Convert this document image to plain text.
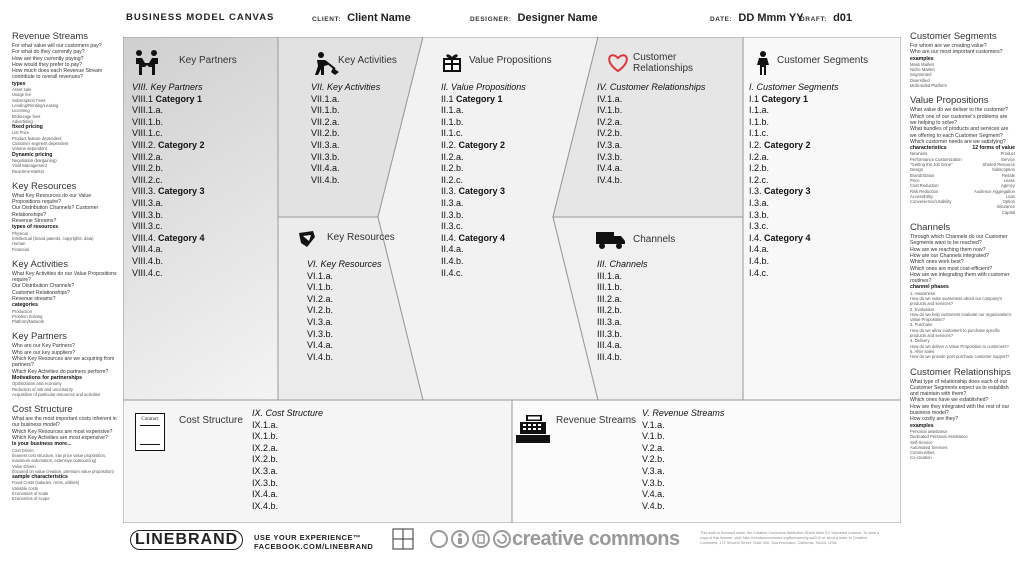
BUSINESS MODEL CANVAS	CLIENT: Client Name	DESIGNER: Designer Name	DATE: DD Mmm YY
DRAFT: d01
Revenue Streams
For what value will our customers pay?
For what do they currently pay?
How are they currently paying?
How would they prefer to pay?
How much does each Revenue Stream contribute to overall revenues?
types
Asset sale
Usage fee
Subscription Fees
Lending/Renting/Leasing
Licensing
Brokerage fees
Advertising
fixed pricing
List Price
Product feature dependent
Customer segment dependent
Volume dependent
Dynamic pricing
Negotiation (bargaining)
Yield Management
Real-time-Market
Key Resources
What Key Resources do our Value Propositions require?
Our Distribution Channels? Customer Relationships?
Revenue Streams?
types of resources
Physical
Intellectual (brand patents, copyrights, data)
Human
Financial
Key Activities
What Key Activities do our Value Propositions require?
Our Distribution Channels?
Customer Relationships?
Revenue streams?
categories
Production
Problem Solving
Platform/Network
Key Partners
Who are our Key Partners?
Who are our key suppliers?
Which Key Resources are we acquiring from partners?
Which Key Activities do partners perform?
Motivations for partnerships
Optimization and economy
Reduction of risk and uncertainty
Acquisition of particular resources and activities
Cost Structure
What are the most important costs inherent in our business model?
Which Key Resources are most expensive?
Which Key Activities are most expensive?
Is your business more...
Cost Driven
(leanest cost structure, low price value proposition, maximum automation, extensive outsourcing)
Value Driven
(focused on value creation, premium value proposition)
sample characteristics
Fixed Costs (salaries, rents, utilities)
Variable costs
Economies of scale
Economies of scope
Customer Segments
For whom are we creating value?
Who are our most important customers?
examples
Mass Market
Niche Market
Segmented
Diversified
Multi-sided Platform
Value Propositions
What value do we deliver to the customer?
Which one of our customer's problems are we helping to solve?
What bundles of products and services are we offering to each Customer Segment?
Which customer needs are we satisfying?
characteristics	12 forms of value
Newness
Performance Customization
"Getting the Job Done"
Design
Brand/Status
Price
Cost Reduction
Risk Reduction
Accessibility
Convenience/Usability
Product
Service
Shared Resource
Subscription
Resale
Lease
Agency
Audience Aggregation
Loan
Option
Insurance
Capital
Channels
Through which Channels do our Customer Segments want to be reached?
How are we reaching them now?
How are our Channels integrated?
Which ones work best?
Which ones are most cost-efficient?
How are we integrating them with customer routines?
channel phases
1. Awareness
How do we raise awareness about our company's products and services?
2. Evaluation
How do we help customers evaluate our organization's Value Proposition?
3. Purchase
How do we allow customers to purchase specific products and services?
4. Delivery
How do we deliver a Value Proposition to customers?
5. After sales
How do we provide post-purchase customer support?
Customer Relationships
What type of relationship does each of our Customer Segments expect us to establish and maintain with them?
Which ones have we established?
How are they integrated with the rest of our business model?
How costly are they?
examples
Personal assistance
Dedicated Personal Assistance
Self-Service
Automated Services
Communities
Co-creation
Key Partners
VIII. Key Partners
VIII.1 Category 1
VIII.1.a.
VIII.1.b.
VIII.1.c.
VIII.2. Category 2
VIII.2.a.
VIII.2.b.
VIII.2.c.
VIII.3. Category 3
VIII.3.a.
VIII.3.b.
VIII.3.c.
VIII.4. Category 4
VIII.4.a.
VIII.4.b.
VIII.4.c.
Key Activities
VII. Key Activities
VII.1.a.
VII.1.b.
VII.2.a.
VII.2.b.
VII.3.a.
VII.3.b.
VII.4.a.
VII.4.b.
Key Resources
VI. Key Resources
VI.1.a.
VI.1.b.
VI.2.a.
VI.2.b.
VI.3.a.
VI.3.b.
VI.4.a.
VI.4.b.
Value Propositions
II. Value Propositions
II.1 Category 1
II.1.a.
II.1.b.
II.1.c.
II.2. Category 2
II.2.a.
II.2.b.
II.2.c.
II.3. Category 3
II.3.a.
II.3.b.
II.3.c.
II.4. Category 4
II.4.a.
II.4.b.
II.4.c.
Customer Relationships
IV. Customer Relationships
IV.1.a.
IV.1.b.
IV.2.a.
IV.2.b.
IV.3.a.
IV.3.b.
IV.4.a.
IV.4.b.
Channels
III. Channels
III.1.a.
III.1.b.
III.2.a.
III.2.b.
III.3.a.
III.3.b.
III.4.a.
III.4.b.
Customer Segments
I. Customer Segments
I.1 Category 1
I.1.a.
I.1.b.
I.1.c.
I.2. Category 2
I.2.a.
I.2.b.
I.2.c.
I.3. Category 3
I.3.a.
I.3.b.
I.3.c.
I.4. Category 4
I.4.a.
I.4.b.
I.4.c.
Contract	Cost Structure
IX. Cost Structure
IX.1.a.
IX.1.b.
IX.2.a.
IX.2.b.
IX.3.a.
IX.3.b.
IX.4.a.
IX.4.b.
Revenue Streams
V. Revenue Streams
V.1.a.
V.1.b.
V.2.a.
V.2.b.
V.3.a.
V.3.b.
V.4.a.
V.4.b.
LINEBRAND	USE YOUR EXPERIENCE™
FACEBOOK.COM/LINEBRAND	creative commons	This work is licensed under the Creative Commons Attribution-Share Alike 3.0 Unported License. To view a copy of this license, visit: http://creativecommons.org/licenses/by-sa/3.0/ or send a letter to Creative Commons, 171 Second Street, Suite 300, San Francisco, California, 94105, USA.
